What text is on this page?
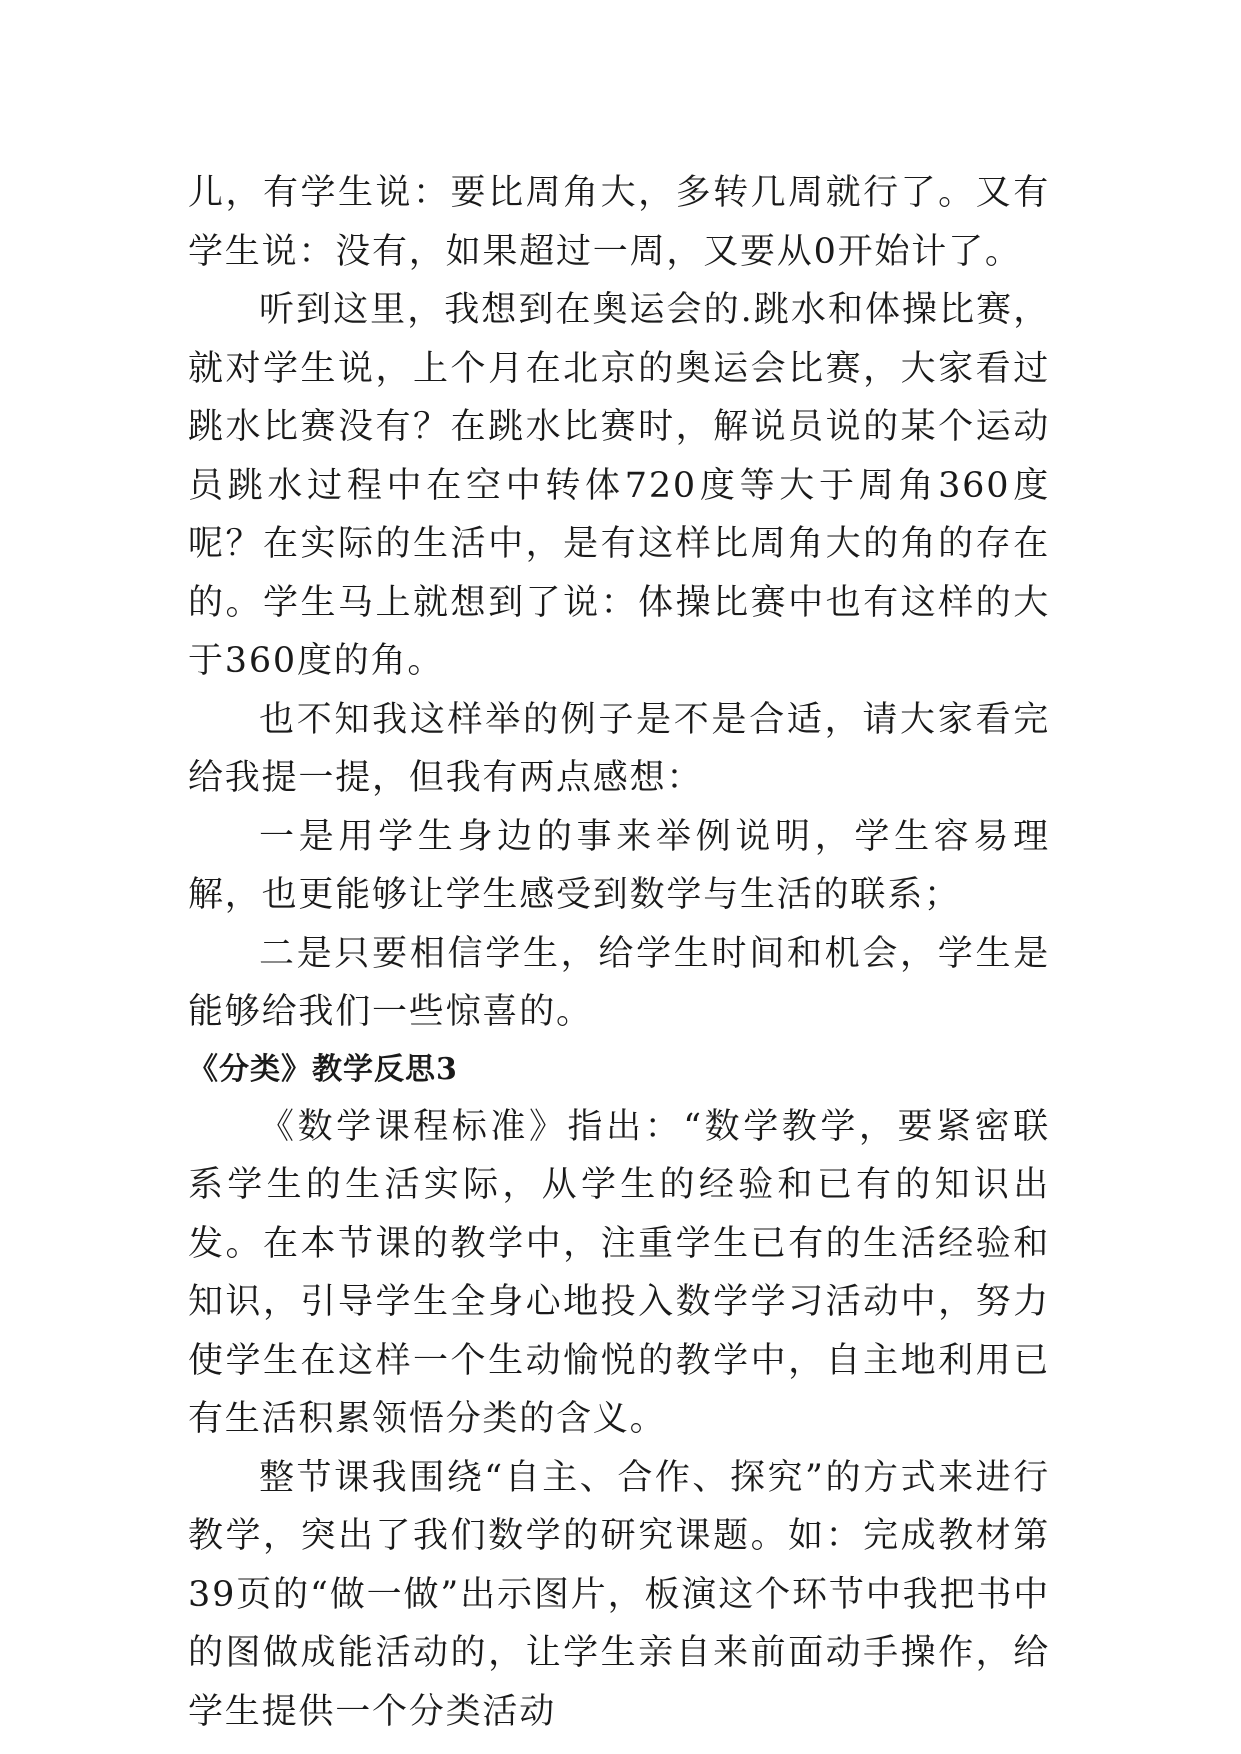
儿，有学生说：要比周角大，多转几周就行了。又有学生说：没有，如果超过一周，又要从0开始计了。

听到这里，我想到在奥运会的.跳水和体操比赛，就对学生说，上个月在北京的奥运会比赛，大家看过跳水比赛没有？在跳水比赛时，解说员说的某个运动员跳水过程中在空中转体720度等大于周角360度呢？在实际的生活中，是有这样比周角大的角的存在的。学生马上就想到了说：体操比赛中也有这样的大于360度的角。

也不知我这样举的例子是不是合适，请大家看完给我提一提，但我有两点感想：

一是用学生身边的事来举例说明，学生容易理解，也更能够让学生感受到数学与生活的联系；

二是只要相信学生，给学生时间和机会，学生是能够给我们一些惊喜的。

《分类》教学反思3

《数学课程标准》指出：“数学教学，要紧密联系学生的生活实际，从学生的经验和已有的知识出发。在本节课的教学中，注重学生已有的生活经验和知识，引导学生全身心地投入数学学习活动中，努力使学生在这样一个生动愉悦的教学中，自主地利用已有生活积累领悟分类的含义。

整节课我围绕“自主、合作、探究”的方式来进行教学，突出了我们数学的研究课题。如：完成教材第39页的“做一做”出示图片，板演这个环节中我把书中的图做成能活动的，让学生亲自来前面动手操作，给学生提供一个分类活动
